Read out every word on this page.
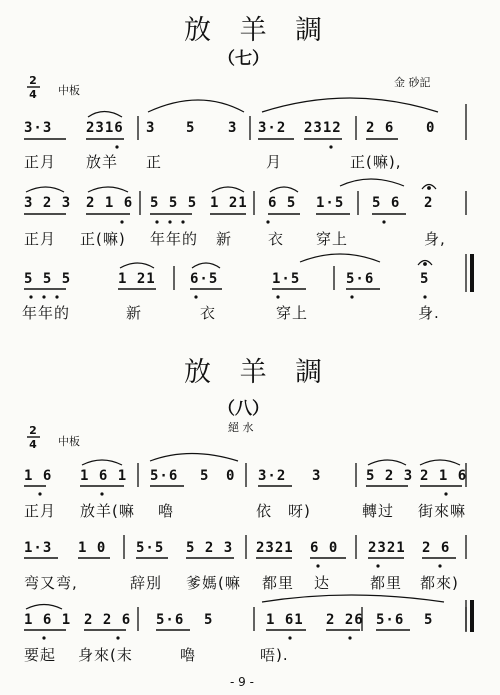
放 羊 調
（七）
中板
金 砂記
3·3 2316 3 5 3 3·2 2312 2 6 0
正月 放羊 正	月	正(嘛),
3 2 3 2 1 6 5 5 5 1 21 6 5 1·5 5 6 2
正月 正(嘛) 年年的 新 衣 穿上	身,
5 5 5	1 21 6·5	1·5	5·6	5
年年的	新	衣	穿上	身.
放 羊 調
（八）
中板
絕 水
1 6 1 6 1 5·6 5 0 3·2 3	5 2 3 2 1 6
正月 放羊(嘛 嚕	依 呀)	轉过 街來嘛
1·3 1 0 5·5 5 2 3 2321 6 0 2321 2 6
弯又弯,	辞別 爹媽(嘛 都里 达	都里 都來)
1 6 1 2 2 6 5·6 5	1 61 2 26 5·6 5
要起 身來(末	嚕	唔).
- 9 -
2
4
2
4
